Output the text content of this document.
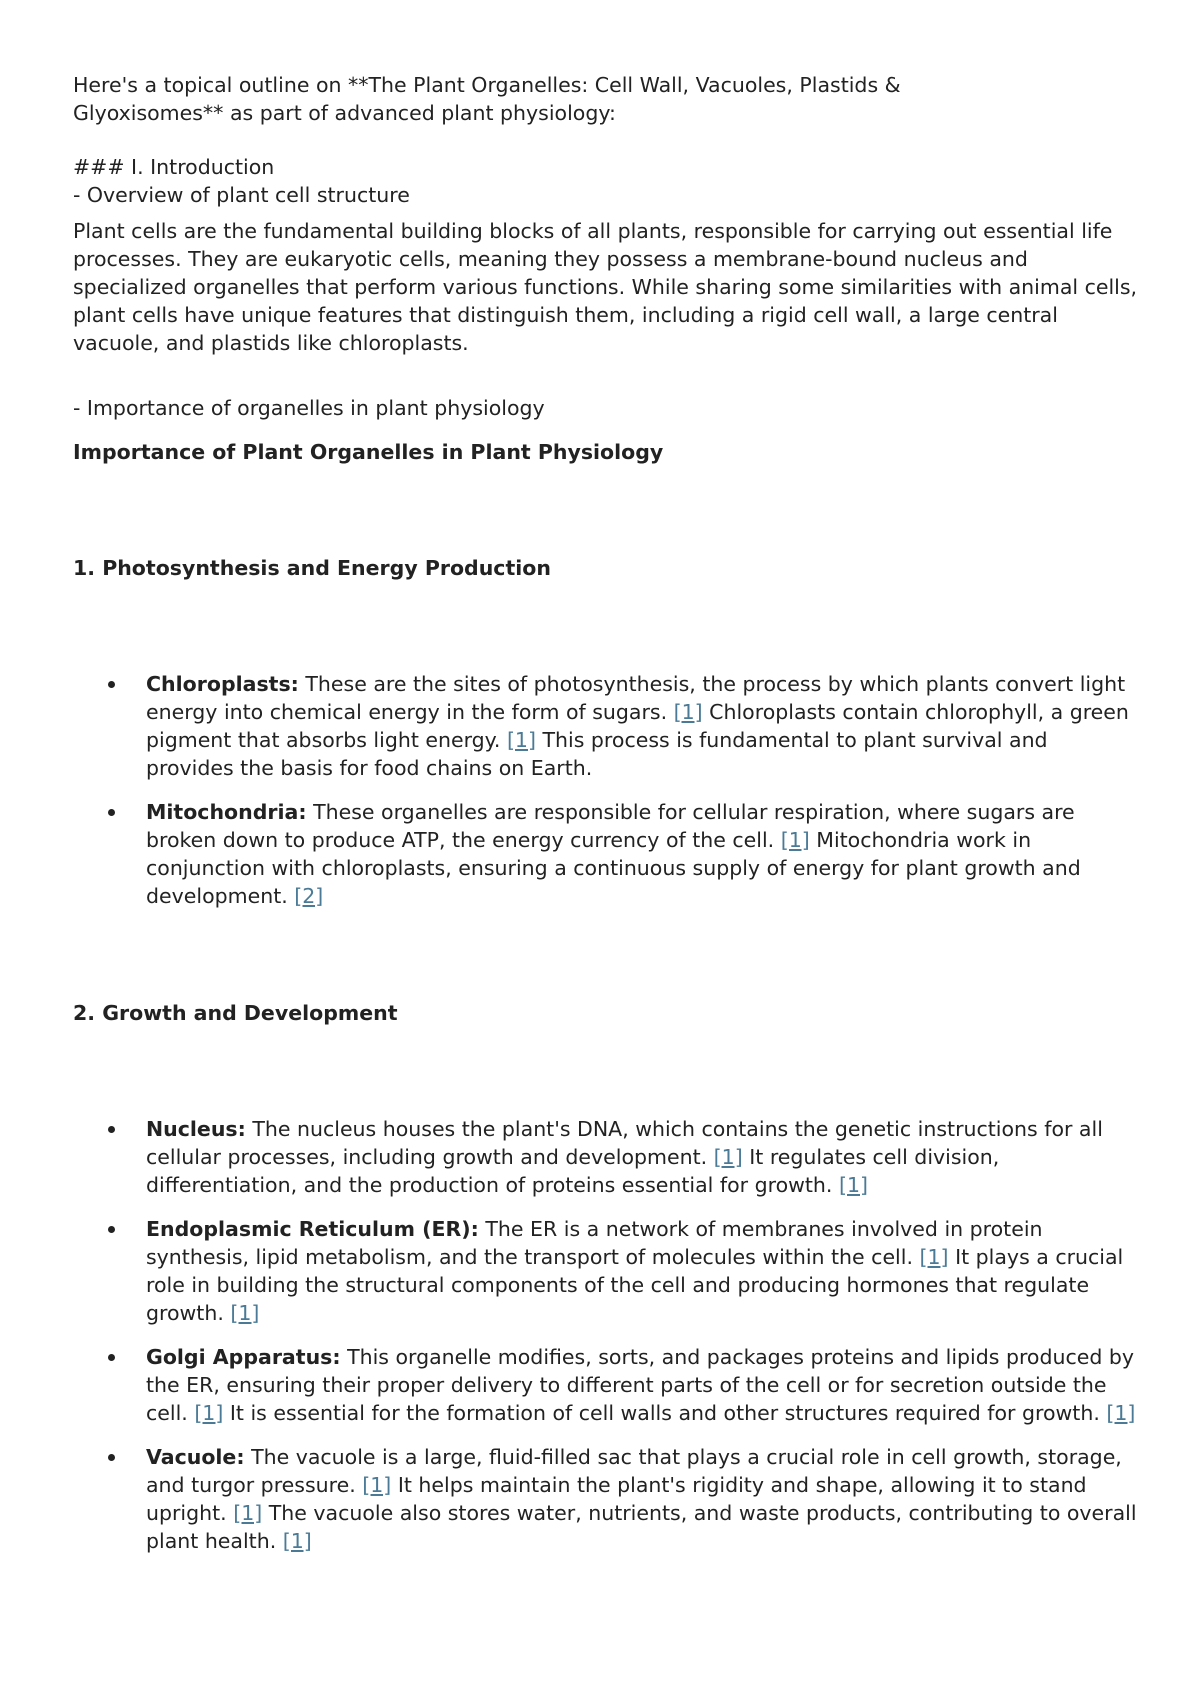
Here's a topical outline on **The Plant Organelles: Cell Wall, Vacuoles, Plastids &

Glyoxisomes** as part of advanced plant physiology:

### I. Introduction

- Overview of plant cell structure

Plant cells are the fundamental building blocks of all plants, responsible for carrying out essential life processes. They are eukaryotic cells, meaning they possess a membrane-bound nucleus and specialized organelles that perform various functions. While sharing some similarities with animal cells, plant cells have unique features that distinguish them, including a rigid cell wall, a large central vacuole, and plastids like chloroplasts.

- Importance of organelles in plant physiology

Importance of Plant Organelles in Plant Physiology

1. Photosynthesis and Energy Production

Chloroplasts: These are the sites of photosynthesis, the process by which plants convert light energy into chemical energy in the form of sugars. [1] Chloroplasts contain chlorophyll, a green pigment that absorbs light energy. [1] This process is fundamental to plant survival and provides the basis for food chains on Earth.
Mitochondria: These organelles are responsible for cellular respiration, where sugars are broken down to produce ATP, the energy currency of the cell. [1] Mitochondria work in conjunction with chloroplasts, ensuring a continuous supply of energy for plant growth and development. [2]

2. Growth and Development

Nucleus: The nucleus houses the plant's DNA, which contains the genetic instructions for all cellular processes, including growth and development. [1] It regulates cell division, differentiation, and the production of proteins essential for growth. [1]
Endoplasmic Reticulum (ER): The ER is a network of membranes involved in protein synthesis, lipid metabolism, and the transport of molecules within the cell. [1] It plays a crucial role in building the structural components of the cell and producing hormones that regulate growth. [1]
Golgi Apparatus: This organelle modifies, sorts, and packages proteins and lipids produced by the ER, ensuring their proper delivery to different parts of the cell or for secretion outside the cell. [1] It is essential for the formation of cell walls and other structures required for growth. [1]
Vacuole: The vacuole is a large, fluid-filled sac that plays a crucial role in cell growth, storage, and turgor pressure. [1] It helps maintain the plant's rigidity and shape, allowing it to stand upright. [1] The vacuole also stores water, nutrients, and waste products, contributing to overall plant health. [1]
